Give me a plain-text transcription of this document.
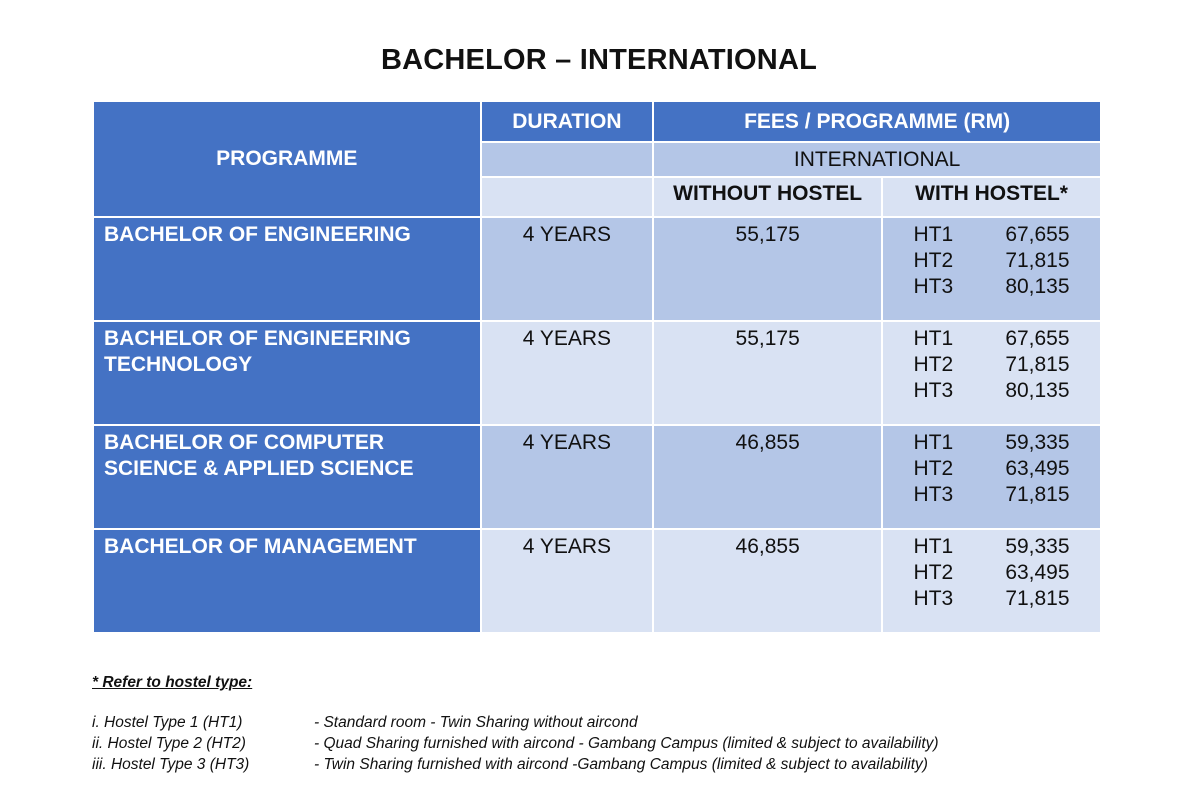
BACHELOR – INTERNATIONAL
PROGRAMME	DURATION	FEES / PROGRAMME (RM)	
		INTERNATIONAL	
		WITHOUT HOSTEL	WITH HOSTEL*
BACHELOR OF ENGINEERING	4 YEARS	55,175	HT1 67,655
HT2 71,815
HT3 80,135

BACHELOR OF ENGINEERING TECHNOLOGY	4 YEARS	55,175	HT1 67,655
HT2 71,815
HT3 80,135

BACHELOR OF COMPUTER SCIENCE & APPLIED SCIENCE	4 YEARS	46,855	HT1 59,335
HT2 63,495
HT3 71,815

BACHELOR OF MANAGEMENT	4 YEARS	46,855	HT1 59,335
HT2 63,495
HT3 71,815
* Refer to hostel type:
i. Hostel Type 1 (HT1)	- Standard room - Twin Sharing without aircond
ii. Hostel Type 2 (HT2)	- Quad Sharing furnished with aircond - Gambang Campus (limited & subject to availability)
iii. Hostel Type 3 (HT3)	- Twin Sharing furnished with aircond -Gambang Campus (limited & subject to availability)
